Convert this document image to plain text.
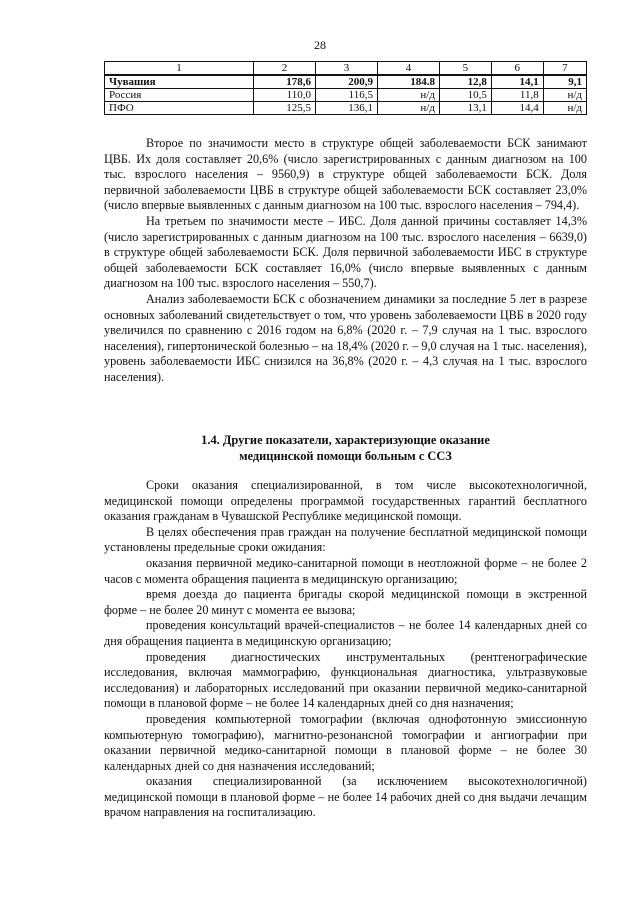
28
1	2	3	4	5	6	7
Чувашия	178,6	200,9	184.8	12,8	14,1	9,1
Россия	110,0	116,5	н/д	10,5	11,8	н/д
ПФО	125,5	136,1	н/д	13,1	14,4	н/д

Второе по значимости место в структуре общей заболеваемости БСК занимают ЦВБ. Их доля составляет 20,6% (число зарегистрированных с данным диагнозом на 100 тыс. взрослого населения – 9560,9) в структуре общей заболеваемости БСК. Доля первичной заболеваемости ЦВБ в структуре общей заболеваемости БСК составляет 23,0% (число впервые выявленных с данным диагнозом на 100 тыс. взрослого населения – 794,4).

На третьем по значимости месте – ИБС. Доля данной причины составляет 14,3% (число зарегистрированных с данным диагнозом на 100 тыс. взрослого населения – 6639,0) в структуре общей заболеваемости БСК. Доля первичной заболеваемости ИБС в структуре общей заболеваемости БСК составляет 16,0% (число впервые выявленных с данным диагнозом на 100 тыс. взрослого населения – 550,7).

Анализ заболеваемости БСК с обозначением динамики за последние 5 лет в разрезе основных заболеваний свидетельствует о том, что уровень заболеваемости ЦВБ в 2020 году увеличился по сравнению с 2016 годом на 6,8% (2020 г. – 7,9 случая на 1 тыс. взрослого населения), гипертонической болезнью – на 18,4% (2020 г. – 9,0 случая на 1 тыс. населения), уровень заболеваемости ИБС снизился на 36,8% (2020 г. – 4,3 случая на 1 тыс. взрослого населения).

1.4. Другие показатели, характеризующие оказание
медицинской помощи больным с ССЗ

Сроки оказания специализированной, в том числе высокотехнологичной, медицинской помощи определены программой государственных гарантий бесплатного оказания гражданам в Чувашской Республике медицинской помощи.

В целях обеспечения прав граждан на получение бесплатной медицинской помощи установлены предельные сроки ожидания:

оказания первичной медико-санитарной помощи в неотложной форме – не более 2 часов с момента обращения пациента в медицинскую организацию;

время доезда до пациента бригады скорой медицинской помощи в экстренной форме – не более 20 минут с момента ее вызова;

проведения консультаций врачей-специалистов – не более 14 календарных дней со дня обращения пациента в медицинскую организацию;

проведения диагностических инструментальных (рентгенографические исследования, включая маммографию, функциональная диагностика, ультразвуковые исследования) и лабораторных исследований при оказании первичной медико-санитарной помощи в плановой форме – не более 14 календарных дней со дня назначения;

проведения компьютерной томографии (включая однофотонную эмиссионную компьютерную томографию), магнитно-резонансной томографии и ангиографии при оказании первичной медико-санитарной помощи в плановой форме – не более 30 календарных дней со дня назначения исследований;

оказания специализированной (за исключением высокотехнологичной) медицинской помощи в плановой форме – не более 14 рабочих дней со дня выдачи лечащим врачом направления на госпитализацию.
